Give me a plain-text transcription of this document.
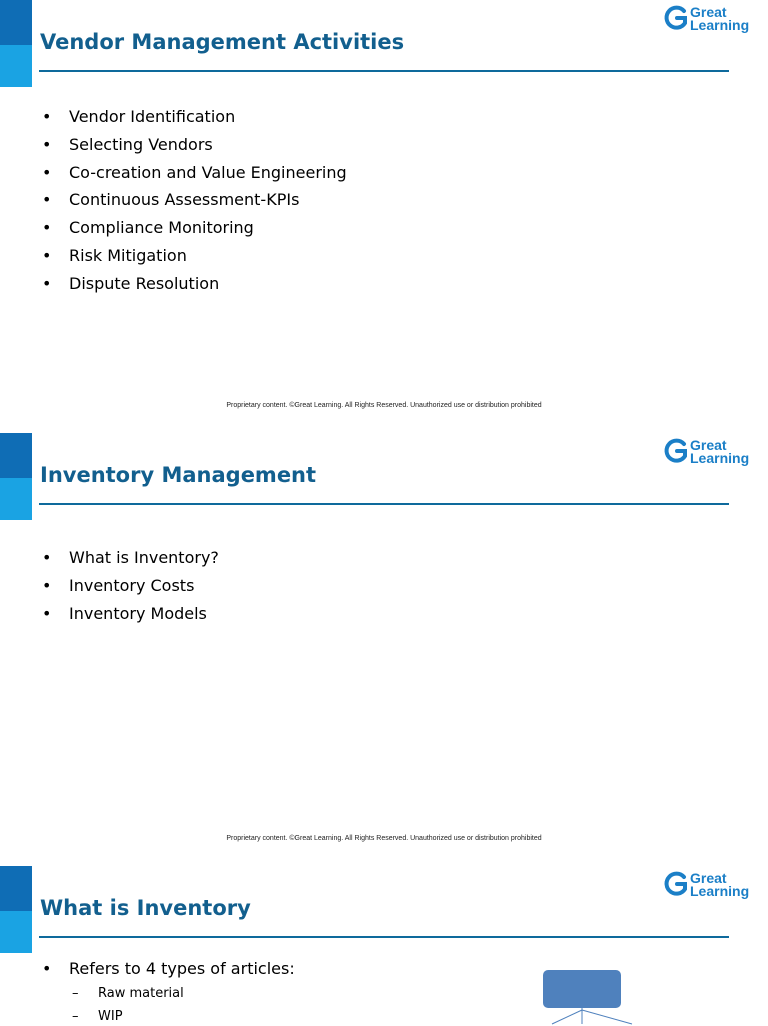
Great
Learning
Vendor Management Activities
• Vendor Identification
• Selecting Vendors
• Co-creation and Value Engineering
• Continuous Assessment-KPIs
• Compliance Monitoring
• Risk Mitigation
• Dispute Resolution
Proprietary content. ©Great Learning. All Rights Reserved. Unauthorized use or distribution prohibited
Great
Learning
Inventory Management
• What is Inventory?
• Inventory Costs
• Inventory Models
Proprietary content. ©Great Learning. All Rights Reserved. Unauthorized use or distribution prohibited
Great
Learning
What is Inventory
• Refers to 4 types of articles:
– Raw material
– WIP
